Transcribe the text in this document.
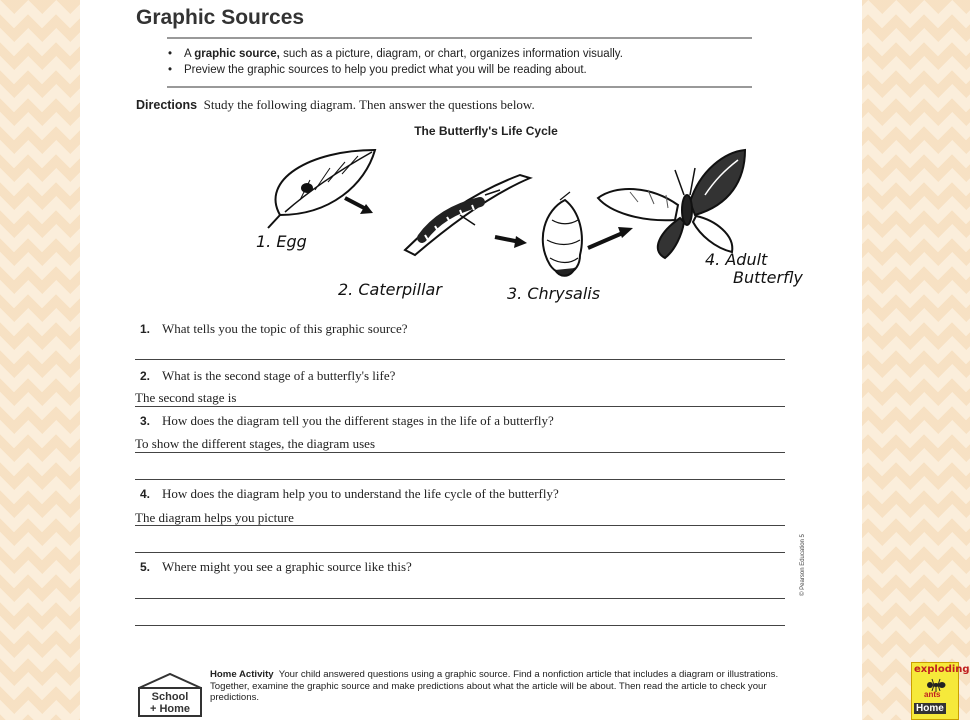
Graphic Sources
• A graphic source, such as a picture, diagram, or chart, organizes information visually.
• Preview the graphic sources to help you predict what you will be reading about.
Directions Study the following diagram. Then answer the questions below.
The Butterfly's Life Cycle
1. Egg
2. Caterpillar	3. Chrysalis
4. Adult
Butterfly
1. What tells you the topic of this graphic source?
2. What is the second stage of a butterfly's life?
The second stage is
3. How does the diagram tell you the different stages in the life of a butterfly?
To show the different stages, the diagram uses
4. How does the diagram help you to understand the life cycle of the butterfly?
The diagram helps you picture
5. Where might you see a graphic source like this?	© Pearson Education 5
School
+ Home
Home Activity Your child answered questions using a graphic source. Find a nonfiction article that includes a diagram or illustrations. Together, examine the graphic source and make predictions about what the article will be about. Then read the article to check your predictions.
exploding
ants
Home
